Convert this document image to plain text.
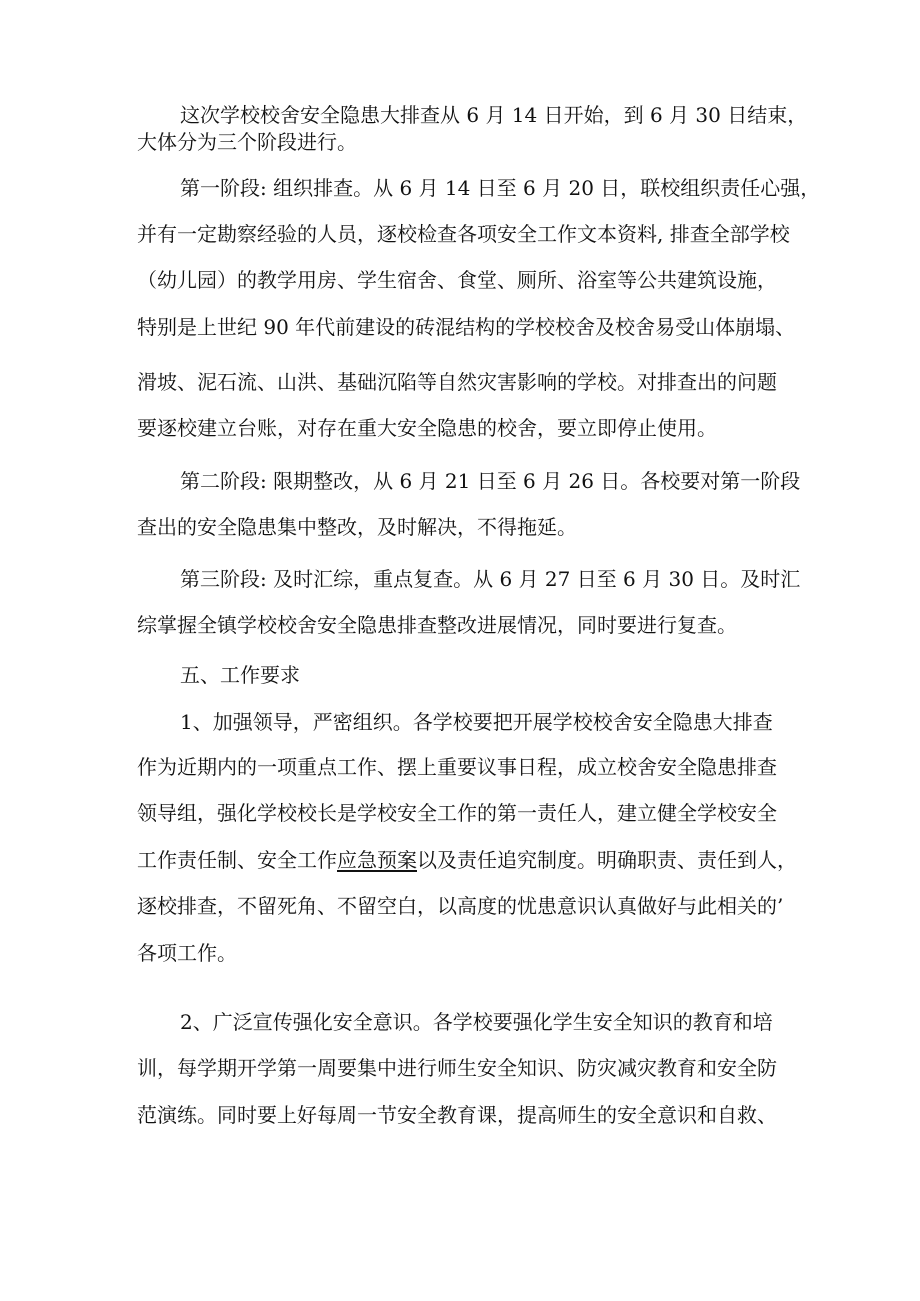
这次学校校舍安全隐患大排查从 6 月 14 日开始，到 6 月 30 日结束，
大体分为三个阶段进行。
第一阶段: 组织排查。从 6 月 14 日至 6 月 20 日，联校组织责任心强，
并有一定勘察经验的人员，逐校检查各项安全工作文本资料, 排查全部学校
（幼儿园）的教学用房、学生宿舍、食堂、厕所、浴室等公共建筑设施，
特别是上世纪 90 年代前建设的砖混结构的学校校舍及校舍易受山体崩塌、
滑坡、泥石流、山洪、基础沉陷等自然灾害影响的学校。对排查出的问题
要逐校建立台账，对存在重大安全隐患的校舍，要立即停止使用。
第二阶段: 限期整改，从 6 月 21 日至 6 月 26 日。各校要对第一阶段
查出的安全隐患集中整改，及时解决，不得拖延。
第三阶段: 及时汇综，重点复查。从 6 月 27 日至 6 月 30 日。及时汇
综掌握全镇学校校舍安全隐患排查整改进展情况，同时要进行复查。
五、工作要求
1、加强领导，严密组织。各学校要把开展学校校舍安全隐患大排查
作为近期内的一项重点工作、摆上重要议事日程，成立校舍安全隐患排查
领导组，强化学校校长是学校安全工作的第一责任人，建立健全学校安全
工作责任制、安全工作应急预案以及责任追究制度。明确职责、责任到人，
逐校排查，不留死角、不留空白，以高度的忧患意识认真做好与此相关的’
各项工作。
2、广泛宣传强化安全意识。各学校要强化学生安全知识的教育和培
训，每学期开学第一周要集中进行师生安全知识、防灾减灾教育和安全防
范演练。同时要上好每周一节安全教育课，提高师生的安全意识和自救、
